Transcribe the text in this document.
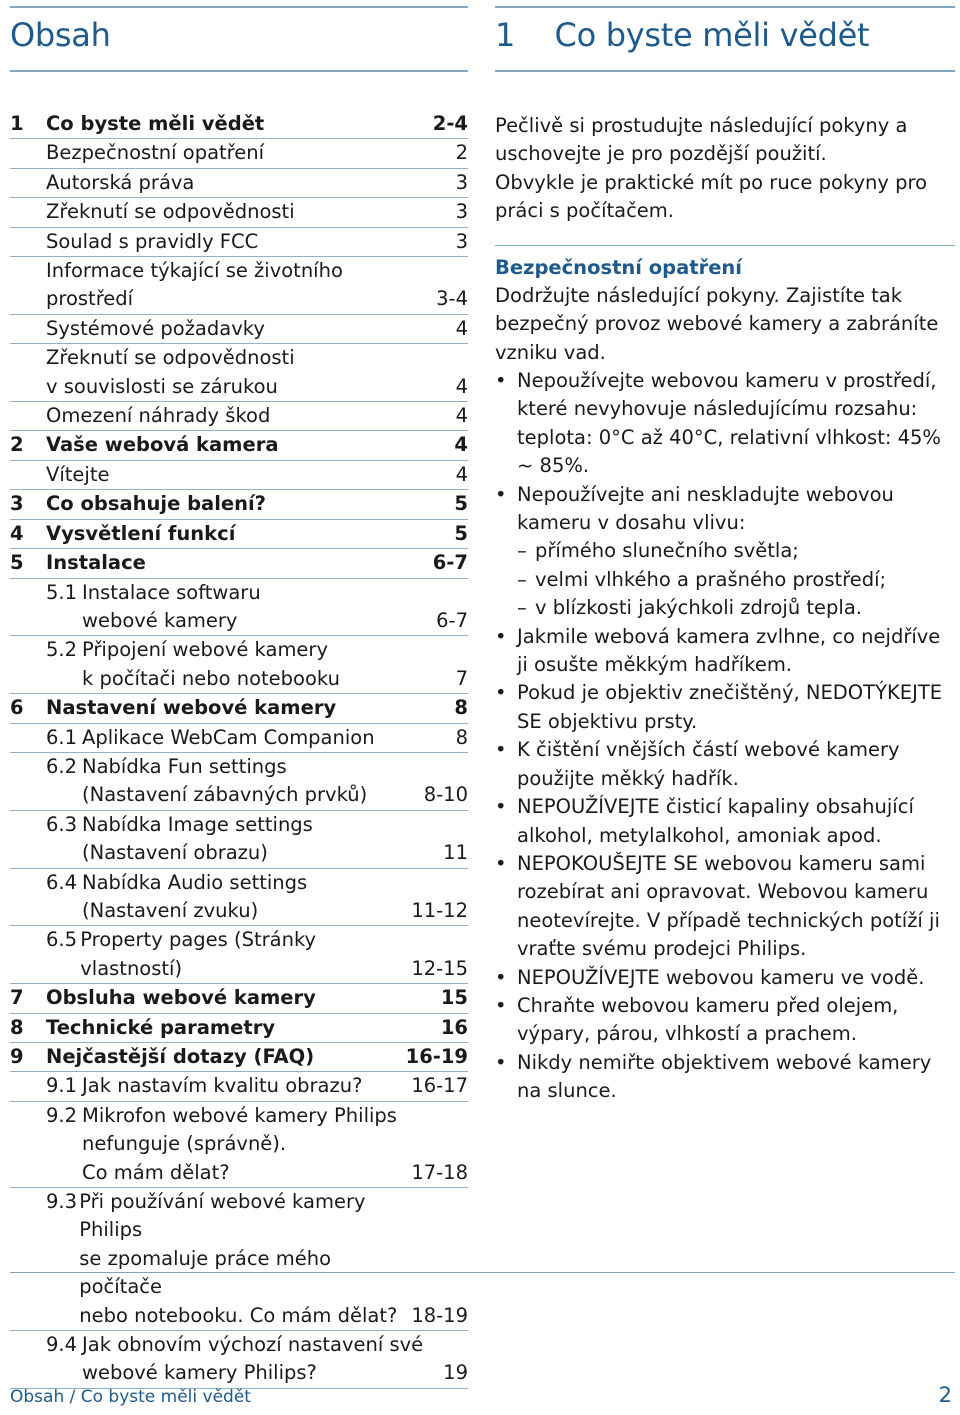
Obsah
1	Co byste měli vědět	2-4
Bezpečnostní opatření	2
Autorská práva	3
Zřeknutí se odpovědnosti	3
Soulad s pravidly FCC	3
Informace týkající se životního prostředí	3-4
Systémové požadavky	4
Zřeknutí se odpovědnosti
v souvislosti se zárukou	4
Omezení náhrady škod	4
2	Vaše webová kamera	4
Vítejte	4
3	Co obsahuje balení?	5
4	Vysvětlení funkcí	5
5	Instalace	6-7
5.1 Instalace softwaru
webové kamery	6-7
5.2 Připojení webové kamery
k počítači nebo notebooku	7
6	Nastavení webové kamery	8
6.1 Aplikace WebCam Companion	8
6.2 Nabídka Fun settings
(Nastavení zábavných prvků)	8-10
6.3 Nabídka Image settings
(Nastavení obrazu)	11
6.4 Nabídka Audio settings
(Nastavení zvuku)	11-12
6.5 Property pages (Stránky vlastností)	12-15
7	Obsluha webové kamery	15
8	Technické parametry	16
9	Nejčastější dotazy (FAQ)	16-19
9.1 Jak nastavím kvalitu obrazu?	16-17
9.2 Mikrofon webové kamery Philips
nefunguje (správně).
Co mám dělat?	17-18
9.3 Při používání webové kamery Philips
se zpomaluje práce mého počítače
nebo notebooku. Co mám dělat? 18-19
9.4 Jak obnovím výchozí nastavení své
webové kamery Philips?	19
1    Co byste měli vědět

Pečlivě si prostudujte následující pokyny a uschovejte je pro pozdější použití.

Obvykle je praktické mít po ruce pokyny pro práci s počítačem.

Bezpečnostní opatření
Dodržujte následující pokyny. Zajistíte tak bezpečný provoz webové kamery a zabráníte vzniku vad.
• Nepoužívejte webovou kameru v prostředí, které nevyhovuje následujícímu rozsahu: teplota: 0°C až 40°C, relativní vlhkost: 45% ~ 85%.
• Nepoužívejte ani neskladujte webovou kameru v dosahu vlivu:
– přímého slunečního světla;
– velmi vlhkého a prašného prostředí;
– v blízkosti jakýchkoli zdrojů tepla.
• Jakmile webová kamera zvlhne, co nejdříve ji osušte měkkým hadříkem.
• Pokud je objektiv znečištěný, NEDOTÝKEJTE SE objektivu prsty.
• K čištění vnějších částí webové kamery použijte měkký hadřík.
• NEPOUŽÍVEJTE čisticí kapaliny obsahující alkohol, metylalkohol, amoniak apod.
• NEPOKOUŠEJTE SE webovou kameru sami rozebírat ani opravovat. Webovou kameru neotevírejte. V případě technických potíží ji vraťte svému prodejci Philips.
• NEPOUŽÍVEJTE webovou kameru ve vodě.
• Chraňte webovou kameru před olejem, výpary, párou, vlhkostí a prachem.
• Nikdy nemiřte objektivem webové kamery na slunce.
Obsah / Co byste měli vědět	2
